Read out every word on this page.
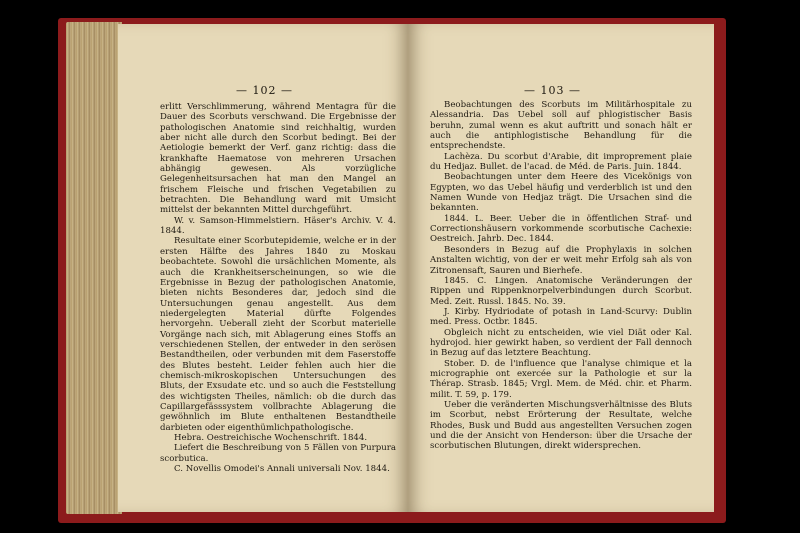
— 102 —

erlitt Verschlimmerung, während Mentagra für die Dauer des Scorbuts verschwand. Die Ergebnisse der pathologischen Anatomie sind reichhaltig, wurden aber nicht alle durch den Scorbut bedingt. Bei der Aetiologie bemerkt der Verf. ganz richtig: dass die krankhafte Haematose von mehreren Ursachen abhängig gewesen. Als vorzügliche Gelegenheitsursachen hat man den Mangel an frischem Fleische und frischen Vegetabilien zu betrachten. Die Behandlung ward mit Umsicht mittelst der bekannten Mittel durchgeführt.

W. v. Samson-Himmelstiern. Häser's Archiv. V. 4. 1844.

Resultate einer Scorbutepidemie, welche er in der ersten Hälfte des Jahres 1840 zu Moskau beobachtete. Sowohl die ursächlichen Momente, als auch die Krankheitserscheinungen, so wie die Ergebnisse in Bezug der pathologischen Anatomie, bieten nichts Besonderes dar, jedoch sind die Untersuchungen genau angestellt. Aus dem niedergelegten Material dürfte Folgendes hervorgehn. Ueberall zieht der Scorbut materielle Vorgänge nach sich, mit Ablagerung eines Stoffs an verschiedenen Stellen, der entweder in den serösen Bestandtheilen, oder verbunden mit dem Faserstoffe des Blutes besteht. Leider fehlen auch hier die chemisch-mikroskopischen Untersuchungen des Bluts, der Exsudate etc. und so auch die Feststellung des wichtigsten Theiles, nämlich: ob die durch das Capillargefässsystem vollbrachte Ablagerung die gewöhnlich im Blute enthaltenen Bestandtheile darbieten oder eigenthümlichpathologische.

Hebra. Oestreichische Wochenschrift. 1844.

Liefert die Beschreibung von 5 Fällen von Purpura scorbutica.

C. Novellis Omodei's Annali universali Nov. 1844.

— 103 —

Beobachtungen des Scorbuts im Militärhospitale zu Alessandria. Das Uebel soll auf phlogistischer Basis beruhn, zumal wenn es akut auftritt und sonach hält er auch die antiphlogistische Behandlung für die entsprechendste.

Lachèza. Du scorbut d'Arabie, dit improprement plaie du Hedjaz. Bullet. de l'acad. de Méd. de Paris. Juin. 1844.

Beobachtungen unter dem Heere des Vicekönigs von Egypten, wo das Uebel häufig und verderblich ist und den Namen Wunde von Hedjaz trägt. Die Ursachen sind die bekannten.

1844. L. Beer. Ueber die in öffentlichen Straf- und Correctionshäusern vorkommende scorbutische Cachexie: Oestreich. Jahrb. Dec. 1844.

Besonders in Bezug auf die Prophylaxis in solchen Anstalten wichtig, von der er weit mehr Erfolg sah als von Zitronensaft, Sauren und Bierhefe.

1845. C. Lingen. Anatomische Veränderungen der Rippen und Rippenknorpelverbindungen durch Scorbut. Med. Zeit. Russl. 1845. No. 39.

J. Kirby. Hydriodate of potash in Land-Scurvy: Dublin med. Press. Octbr. 1845.

Obgleich nicht zu entscheiden, wie viel Diät oder Kal. hydrojod. hier gewirkt haben, so verdient der Fall dennoch in Bezug auf das letztere Beachtung.

Stober. D. de l'influence que l'analyse chimique et la micrographie ont exercée sur la Pathologie et sur la Thérap. Strasb. 1845; Vrgl. Mem. de Méd. chir. et Pharm. milit. T. 59, p. 179.

Ueber die veränderten Mischungsverhältnisse des Bluts im Scorbut, nebst Erörterung der Resultate, welche Rhodes, Busk und Budd aus angestellten Versuchen zogen und die der Ansicht von Henderson: über die Ursache der scorbutischen Blutungen, direkt widersprechen.
